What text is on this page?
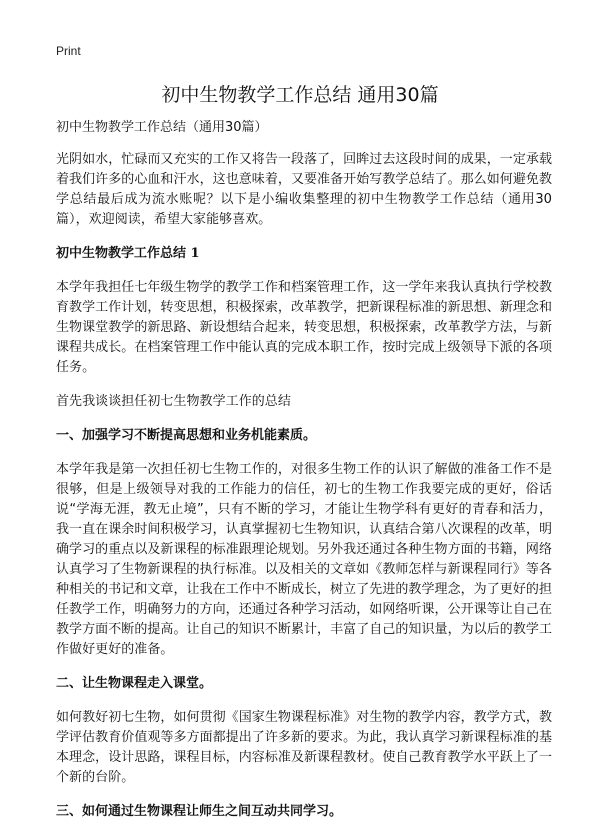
Print
初中生物教学工作总结 通用30篇
初中生物教学工作总结（通用30篇）

光阴如水，忙碌而又充实的工作又将告一段落了，回眸过去这段时间的成果，一定承载着我们许多的心血和汗水，这也意味着，又要准备开始写教学总结了。那么如何避免教学总结最后成为流水账呢？以下是小编收集整理的初中生物教学工作总结（通用30篇），欢迎阅读，希望大家能够喜欢。

初中生物教学工作总结 1

本学年我担任七年级生物学的教学工作和档案管理工作，这一学年来我认真执行学校教育教学工作计划，转变思想，积极探索，改革教学，把新课程标准的新思想、新理念和生物课堂教学的新思路、新设想结合起来，转变思想，积极探索，改革教学方法，与新课程共成长。在档案管理工作中能认真的完成本职工作，按时完成上级领导下派的各项任务。

首先我谈谈担任初七生物教学工作的总结

一、加强学习不断提高思想和业务机能素质。

本学年我是第一次担任初七生物工作的，对很多生物工作的认识了解做的准备工作不是很够，但是上级领导对我的工作能力的信任，初七的生物工作我要完成的更好，俗话说“学海无涯，教无止境”，只有不断的学习，才能让生物学科有更好的青春和活力，我一直在课余时间积极学习，认真掌握初七生物知识，认真结合第八次课程的改革，明确学习的重点以及新课程的标准跟理论规划。另外我还通过各种生物方面的书籍，网络认真学习了生物新课程的执行标准。以及相关的文章如《教师怎样与新课程同行》等各种相关的书记和文章，让我在工作中不断成长，树立了先进的教学理念，为了更好的担任教学工作，明确努力的方向，还通过各种学习活动，如网络听课，公开课等让自己在教学方面不断的提高。让自己的知识不断累计，丰富了自己的知识量，为以后的教学工作做好更好的准备。

二、让生物课程走入课堂。

如何教好初七生物，如何贯彻《国家生物课程标准》对生物的教学内容，教学方式，教学评估教育价值观等多方面都提出了许多新的要求。为此，我认真学习新课程标准的基本理念，设计思路，课程目标，内容标准及新课程教材。使自己教育教学水平跃上了一个新的台阶。

三、如何通过生物课程让师生之间互动共同学习。
